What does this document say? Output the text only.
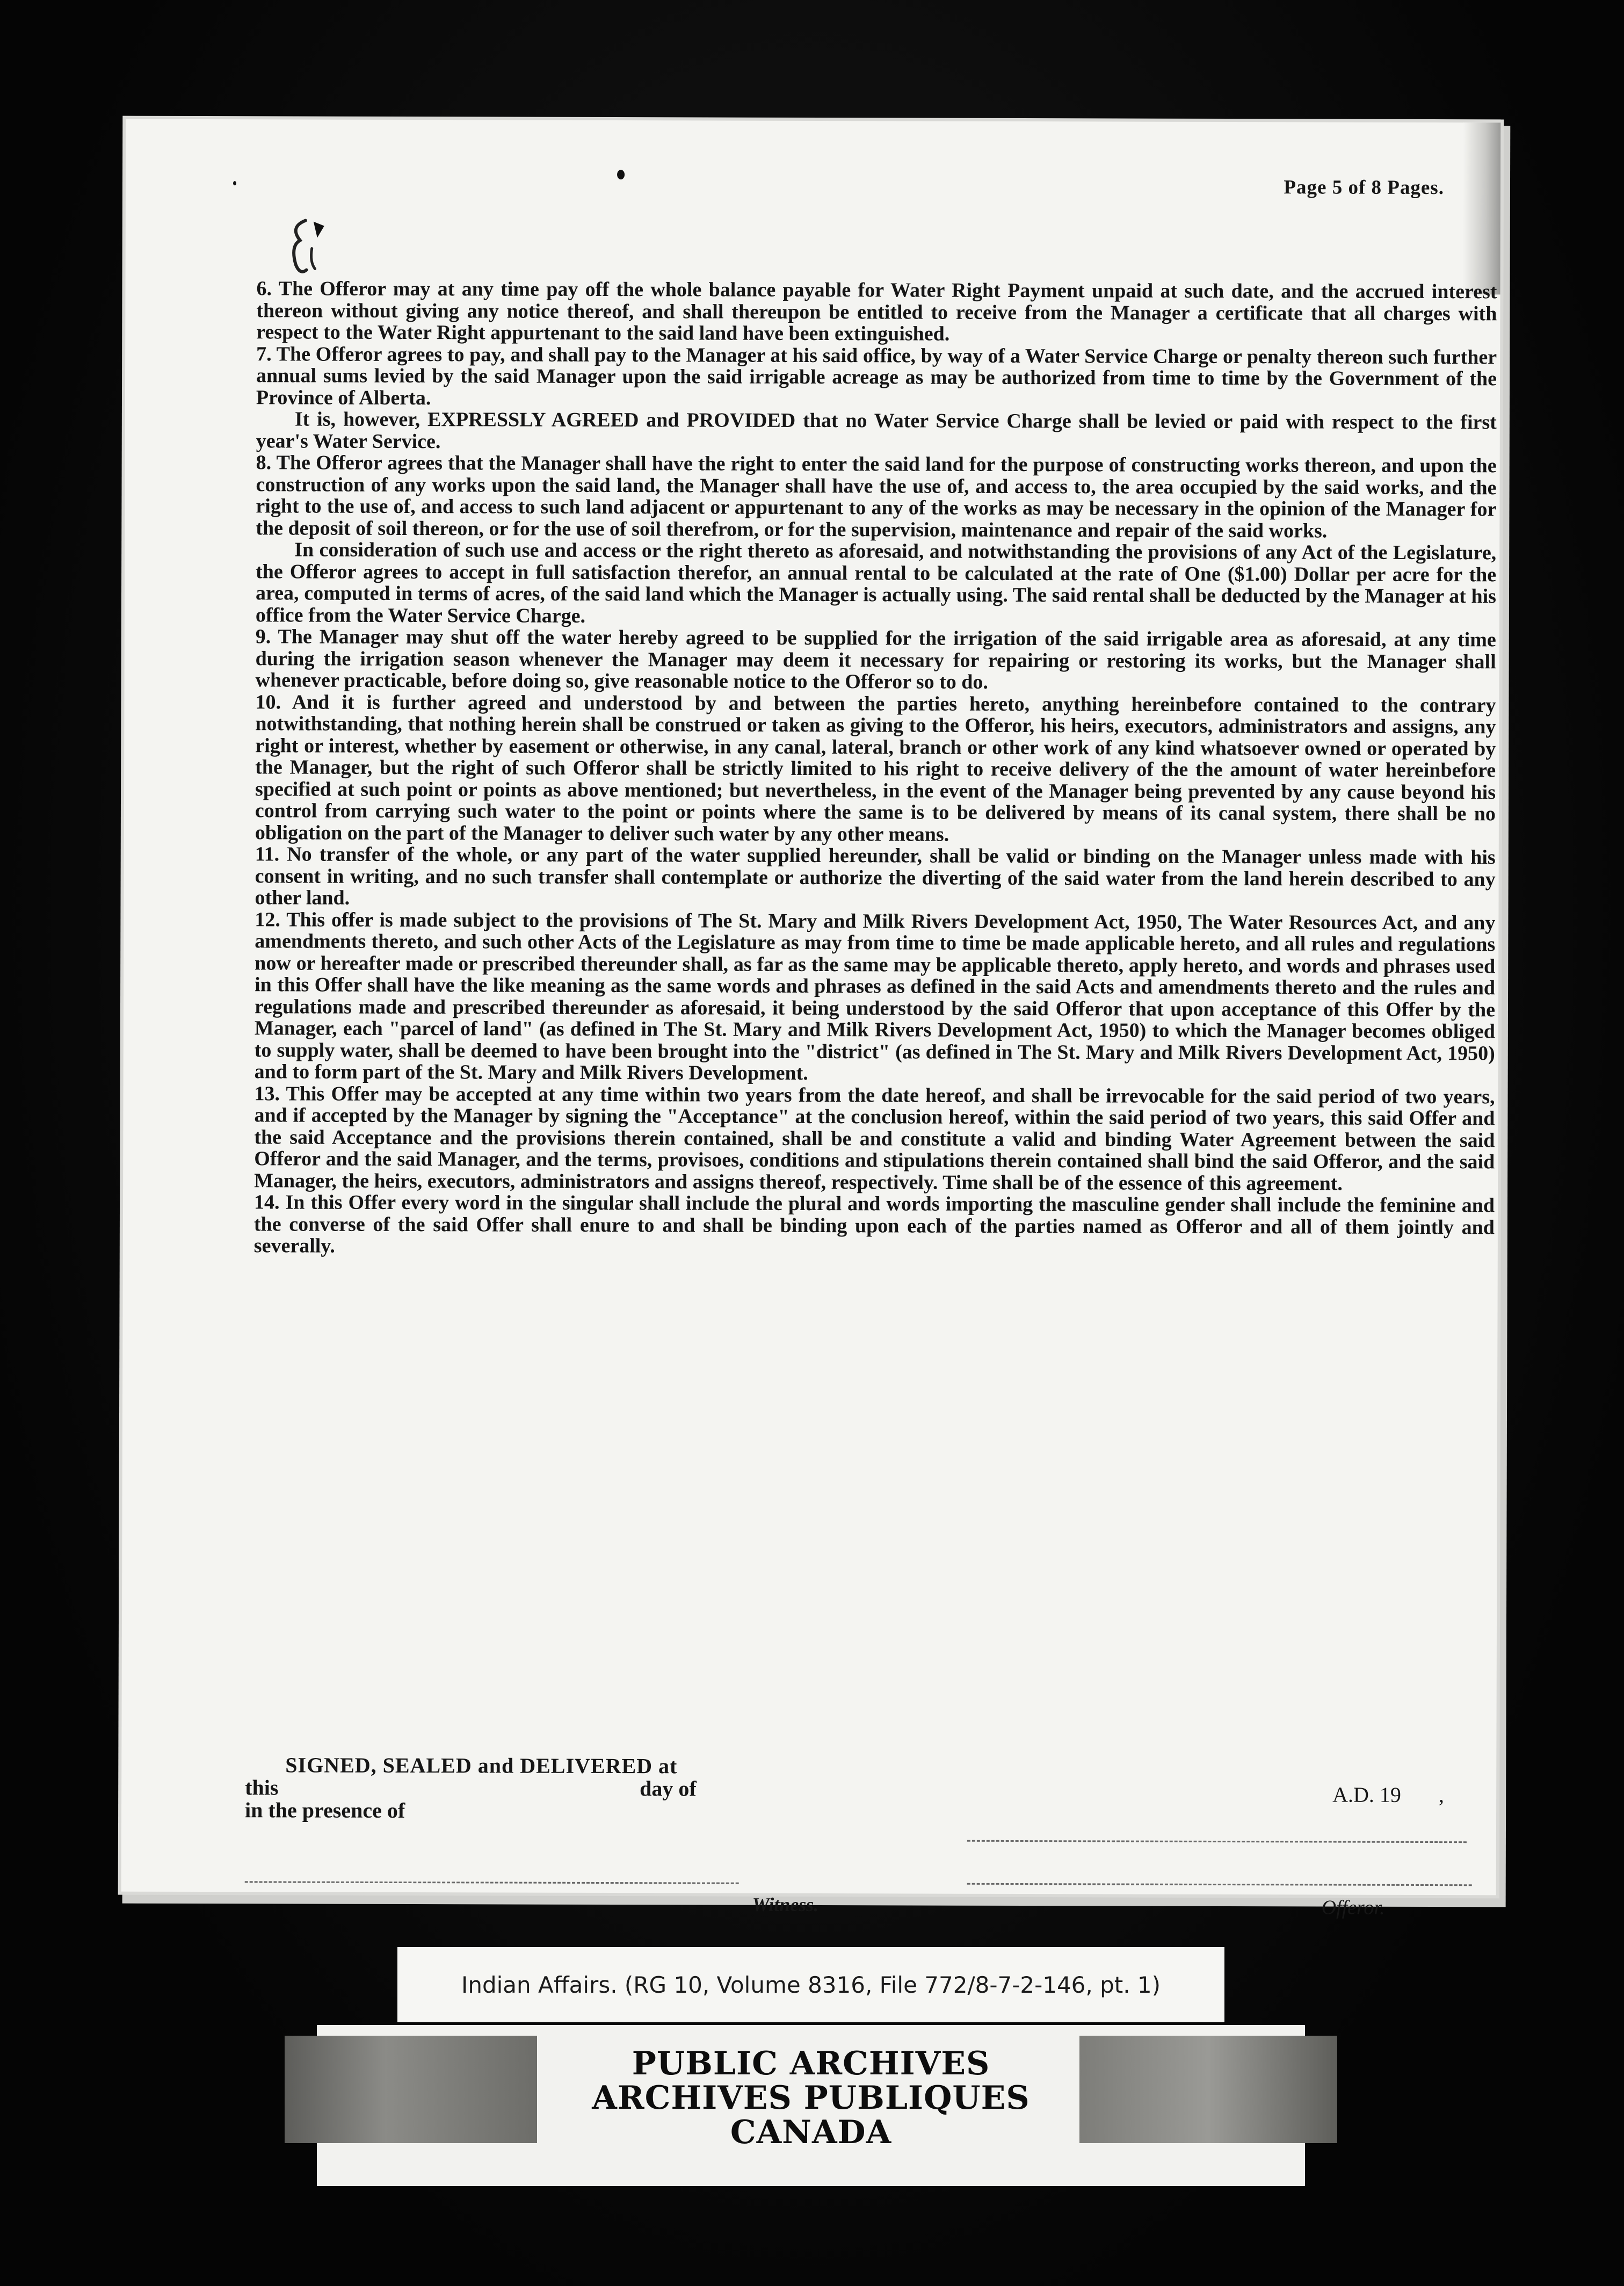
Page 5 of 8 Pages.

6. The Offeror may at any time pay off the whole balance payable for Water Right Payment unpaid at such date, and the accrued interest thereon without giving any notice thereof, and shall thereupon be entitled to receive from the Manager a certificate that all charges with respect to the Water Right appurtenant to the said land have been extinguished.

7. The Offeror agrees to pay, and shall pay to the Manager at his said office, by way of a Water Service Charge or penalty thereon such further annual sums levied by the said Manager upon the said irrigable acreage as may be authorized from time to time by the Government of the Province of Alberta.

It is, however, EXPRESSLY AGREED and PROVIDED that no Water Service Charge shall be levied or paid with respect to the first year's Water Service.

8. The Offeror agrees that the Manager shall have the right to enter the said land for the purpose of constructing works thereon, and upon the construction of any works upon the said land, the Manager shall have the use of, and access to, the area occupied by the said works, and the right to the use of, and access to such land adjacent or appurtenant to any of the works as may be necessary in the opinion of the Manager for the deposit of soil thereon, or for the use of soil therefrom, or for the supervision, maintenance and repair of the said works.

In consideration of such use and access or the right thereto as aforesaid, and notwithstanding the provisions of any Act of the Legislature, the Offeror agrees to accept in full satisfaction therefor, an annual rental to be calculated at the rate of One ($1.00) Dollar per acre for the area, computed in terms of acres, of the said land which the Manager is actually using. The said rental shall be deducted by the Manager at his office from the Water Service Charge.

9. The Manager may shut off the water hereby agreed to be supplied for the irrigation of the said irrigable area as aforesaid, at any time during the irrigation season whenever the Manager may deem it necessary for repairing or restoring its works, but the Manager shall whenever practicable, before doing so, give reasonable notice to the Offeror so to do.

10. And it is further agreed and understood by and between the parties hereto, anything hereinbefore contained to the contrary notwithstanding, that nothing herein shall be construed or taken as giving to the Offeror, his heirs, executors, administrators and assigns, any right or interest, whether by easement or otherwise, in any canal, lateral, branch or other work of any kind whatsoever owned or operated by the Manager, but the right of such Offeror shall be strictly limited to his right to receive delivery of the the amount of water hereinbefore specified at such point or points as above mentioned; but nevertheless, in the event of the Manager being prevented by any cause beyond his control from carrying such water to the point or points where the same is to be delivered by means of its canal system, there shall be no obligation on the part of the Manager to deliver such water by any other means.

11. No transfer of the whole, or any part of the water supplied hereunder, shall be valid or binding on the Manager unless made with his consent in writing, and no such transfer shall contemplate or authorize the diverting of the said water from the land herein described to any other land.

12. This offer is made subject to the provisions of The St. Mary and Milk Rivers Development Act, 1950, The Water Resources Act, and any amendments thereto, and such other Acts of the Legislature as may from time to time be made applicable hereto, and all rules and regulations now or hereafter made or prescribed thereunder shall, as far as the same may be applicable thereto, apply hereto, and words and phrases used in this Offer shall have the like meaning as the same words and phrases as defined in the said Acts and amendments thereto and the rules and regulations made and prescribed thereunder as aforesaid, it being understood by the said Offeror that upon acceptance of this Offer by the Manager, each "parcel of land" (as defined in The St. Mary and Milk Rivers Development Act, 1950) to which the Manager becomes obliged to supply water, shall be deemed to have been brought into the "district" (as defined in The St. Mary and Milk Rivers Development Act, 1950) and to form part of the St. Mary and Milk Rivers Development.

13. This Offer may be accepted at any time within two years from the date hereof, and shall be irrevocable for the said period of two years, and if accepted by the Manager by signing the "Acceptance" at the conclusion hereof, within the said period of two years, this said Offer and the said Acceptance and the provisions therein contained, shall be and constitute a valid and binding Water Agreement between the said Offeror and the said Manager, and the terms, provisoes, conditions and stipulations therein contained shall bind the said Offeror, and the said Manager, the heirs, executors, administrators and assigns thereof, respectively. Time shall be of the essence of this agreement.

14. In this Offer every word in the singular shall include the plural and words importing the masculine gender shall include the feminine and the converse of the said Offer shall enure to and shall be binding upon each of the parties named as Offeror and all of them jointly and severally.

SIGNED, SEALED and DELIVERED at
this	day of	A.D. 19 ,
in the presence of
Witness.	Offeror.
Indian Affairs. (RG 10, Volume 8316, File 772/8-7-2-146, pt. 1)
PUBLIC ARCHIVES
ARCHIVES PUBLIQUES
CANADA
